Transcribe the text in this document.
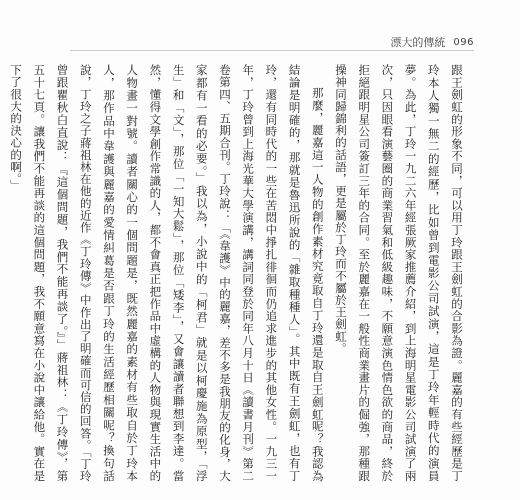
漂大的傳統 096

跟王劍虹的形象不同，可以用丁玲跟王劍虹的合影為證。麗嘉的有些經歷是丁玲本人獨一無二的經歷，比如曾到電影公司試演，這是丁玲年輕時代的演員夢。為此，丁玲一九二六年經張厥家推薦介紹，到上海明星電影公司試演了兩次，只因眼看演藝圈的商業習氣和低級趣味，不願意演色情色欲的商品，終於拒絕跟明星公司簽訂三年的合同。至於麗嘉在一般性商業畫片的倔強，那種跟操神同歸錦利的話語，更是屬於丁玲而不屬於王劍虹。

那麼，麗嘉這一人物的創作素材究竟取自丁玲還是取自王劍虹呢？我認為結論是明確的，那就是魯迅所說的「雜取種種人」。其中既有王劍虹，也有丁玲，還有同時代的一些在苦悶中掙扎徘徊而仍追求進步的其他女性。一九三一年，丁玲曾到上海光華大學演講，講詞同登於同年八月十日《讀書月刊》第二卷第四、五期合刊。丁玲說：「《韋護》中的麗嘉，差不多是我朋友的化身，大家都有一看的必要。」我以為，小說中的「柯君」就是以柯慶施為原型，「浮生」和「文」，那位「一知大鬆」，那位「矮李」，又會讓讀者聯想到李達。當然，懂得文學創作常識的人，都不會真正把作品中虛構的人物與現實生活中的人物畫一對號。讀者關心的一個問題是，既然麗嘉的素材有些取自於丁玲本人，那作品中韋護與麗嘉的愛情糾葛是否跟丁玲的生活經歷相關呢？換句話說，丁玲之子蔣祖林在他的近作《丁玲傳》中作出了明確而可信的回答。「丁玲曾跟瞿秋白直說：『這個問題，我們不能再談了。』」蔣祖林：《丁玲傳》，第五十七頁。讓我們不能再談的這個問題，我不願意寫在小說中讓給他。實在是下了很大的決心的啊。」
